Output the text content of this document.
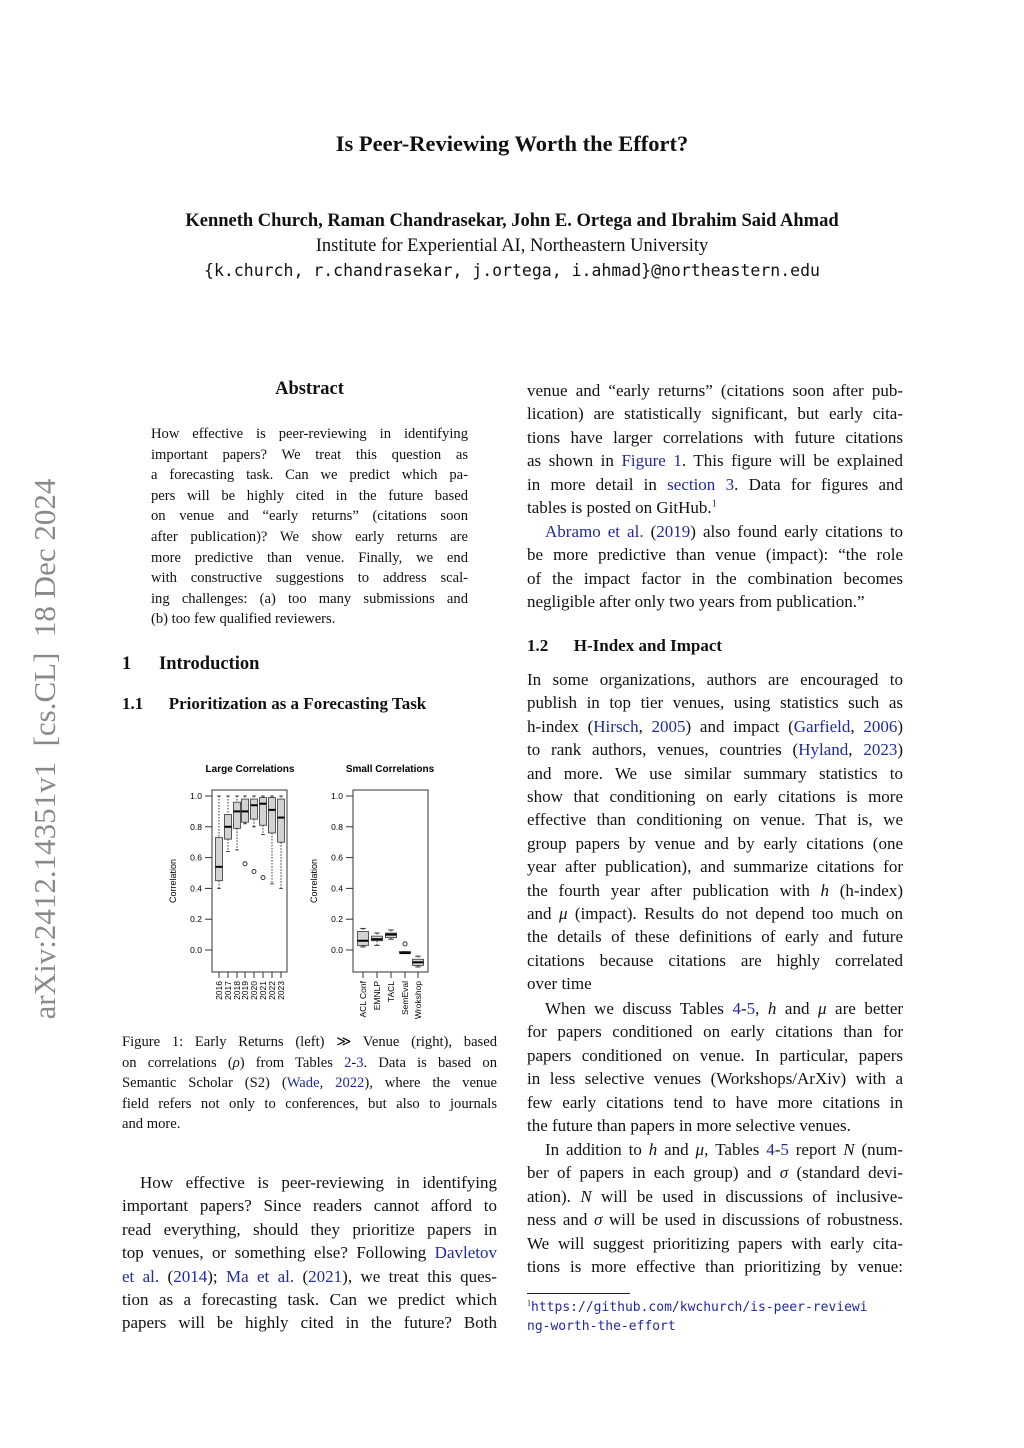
arXiv:2412.14351v1  [cs.CL]  18 Dec 2024
Is Peer-Reviewing Worth the Effort?
Kenneth Church, Raman Chandrasekar, John E. Ortega and Ibrahim Said Ahmad
Institute for Experiential AI, Northeastern University
{k.church, r.chandrasekar, j.ortega, i.ahmad}@northeastern.edu
Abstract
How effective is peer-reviewing in identifying
important papers? We treat this question as
a forecasting task. Can we predict which pa-
pers will be highly cited in the future based
on venue and “early returns” (citations soon
after publication)? We show early returns are
more predictive than venue. Finally, we end
with constructive suggestions to address scal-
ing challenges: (a) too many submissions and
(b) too few qualified reviewers.
1  Introduction
1.1  Prioritization as a Forecasting Task
Large Correlations
Correlation
0.0
0.2
0.4
0.6
0.8
1.0
2016 2017 2018
2019 2020 2021 2022 2023
Small Correlations
Correlation
0.0
0.2
0.4
0.6
0.8
1.0
ACL Conf EMNLP TACL SemEval Wrokshop
Figure 1: Early Returns (left) ≫ Venue (right), based
on correlations (ρ) from Tables 2-3. Data is based on
Semantic Scholar (S2) (Wade, 2022), where the venue
field refers not only to conferences, but also to journals
and more.
How effective is peer-reviewing in identifying
important papers? Since readers cannot afford to
read everything, should they prioritize papers in
top venues, or something else? Following Davletov
et al. (2014); Ma et al. (2021), we treat this ques-
tion as a forecasting task. Can we predict which
papers will be highly cited in the future? Both
venue and “early returns” (citations soon after pub-
lication) are statistically significant, but early cita-
tions have larger correlations with future citations
as shown in Figure 1. This figure will be explained
in more detail in section 3. Data for figures and
tables is posted on GitHub.$^1$
Abramo et al. (2019) also found early citations to
be more predictive than venue (impact): “the role
of the impact factor in the combination becomes
negligible after only two years from publication.”
1.2  H-Index and Impact
In some organizations, authors are encouraged to
publish in top tier venues, using statistics such as
h-index (Hirsch, 2005) and impact (Garfield, 2006)
to rank authors, venues, countries (Hyland, 2023)
and more. We use similar summary statistics to
show that conditioning on early citations is more
effective than conditioning on venue. That is, we
group papers by venue and by early citations (one
year after publication), and summarize citations for
the fourth year after publication with h (h-index)
and μ (impact). Results do not depend too much on
the details of these definitions of early and future
citations because citations are highly correlated
over time
When we discuss Tables 4-5, h and μ are better
for papers conditioned on early citations than for
papers conditioned on venue. In particular, papers
in less selective venues (Workshops/ArXiv) with a
few early citations tend to have more citations in
the future than papers in more selective venues.
In addition to h and μ, Tables 4-5 report N (num-
ber of papers in each group) and σ (standard devi-
ation). N will be used in discussions of inclusive-
ness and σ will be used in discussions of robustness.
We will suggest prioritizing papers with early cita-
tions is more effective than prioritizing by venue:
$^1$https://github.com/kwchurch/is-peer-reviewi
ng-worth-the-effort
